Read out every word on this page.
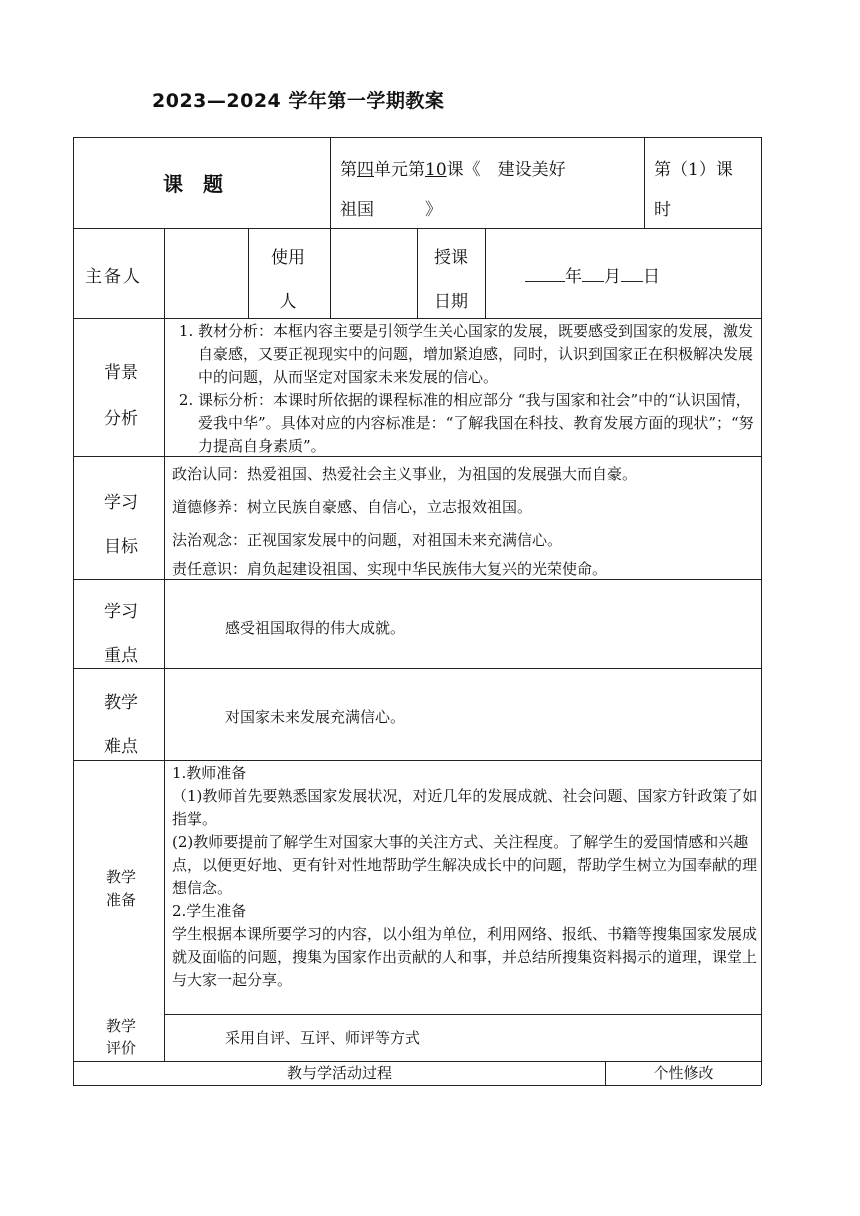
2023—2024 学年第一学期教案
课　题
第四单元第10课《　建设美好
祖国　　　》
第（1）课
时
主备人
使用
人
授课
日期
年 月 日
背景
分析
1. 教材分析：本框内容主要是引领学生关心国家的发展，既要感受到国家的发展，激发自豪感，又要正视现实中的问题，增加紧迫感，同时，认识到国家正在积极解决发展中的问题，从而坚定对国家未来发展的信心。
2. 课标分析：本课时所依据的课程标准的相应部分 “我与国家和社会”中的“认识国情，爱我中华”。具体对应的内容标准是：“了解我国在科技、教育发展方面的现状”；“努力提高自身素质”。
学习
目标

政治认同：热爱祖国、热爱社会主义事业，为祖国的发展强大而自豪。

道德修养：树立民族自豪感、自信心，立志报效祖国。

法治观念：正视国家发展中的问题，对祖国未来充满信心。

责任意识：肩负起建设祖国、实现中华民族伟大复兴的光荣使命。

学习
重点
感受祖国取得的伟大成就。
教学
难点
对国家未来发展充满信心。
教学
准备

1.教师准备

（1)教师首先要熟悉国家发展状况，对近几年的发展成就、社会问题、国家方针政策了如指掌。

(2)教师要提前了解学生对国家大事的关注方式、关注程度。了解学生的爱国情感和兴趣点，以便更好地、更有针对性地帮助学生解决成长中的问题，帮助学生树立为国奉献的理想信念。

2.学生准备

学生根据本课所要学习的内容，以小组为单位，利用网络、报纸、书籍等搜集国家发展成就及面临的问题，搜集为国家作出贡献的人和事，并总结所搜集资料揭示的道理，课堂上与大家一起分享。

教学
评价
采用自评、互评、师评等方式
教与学活动过程	个性修改
